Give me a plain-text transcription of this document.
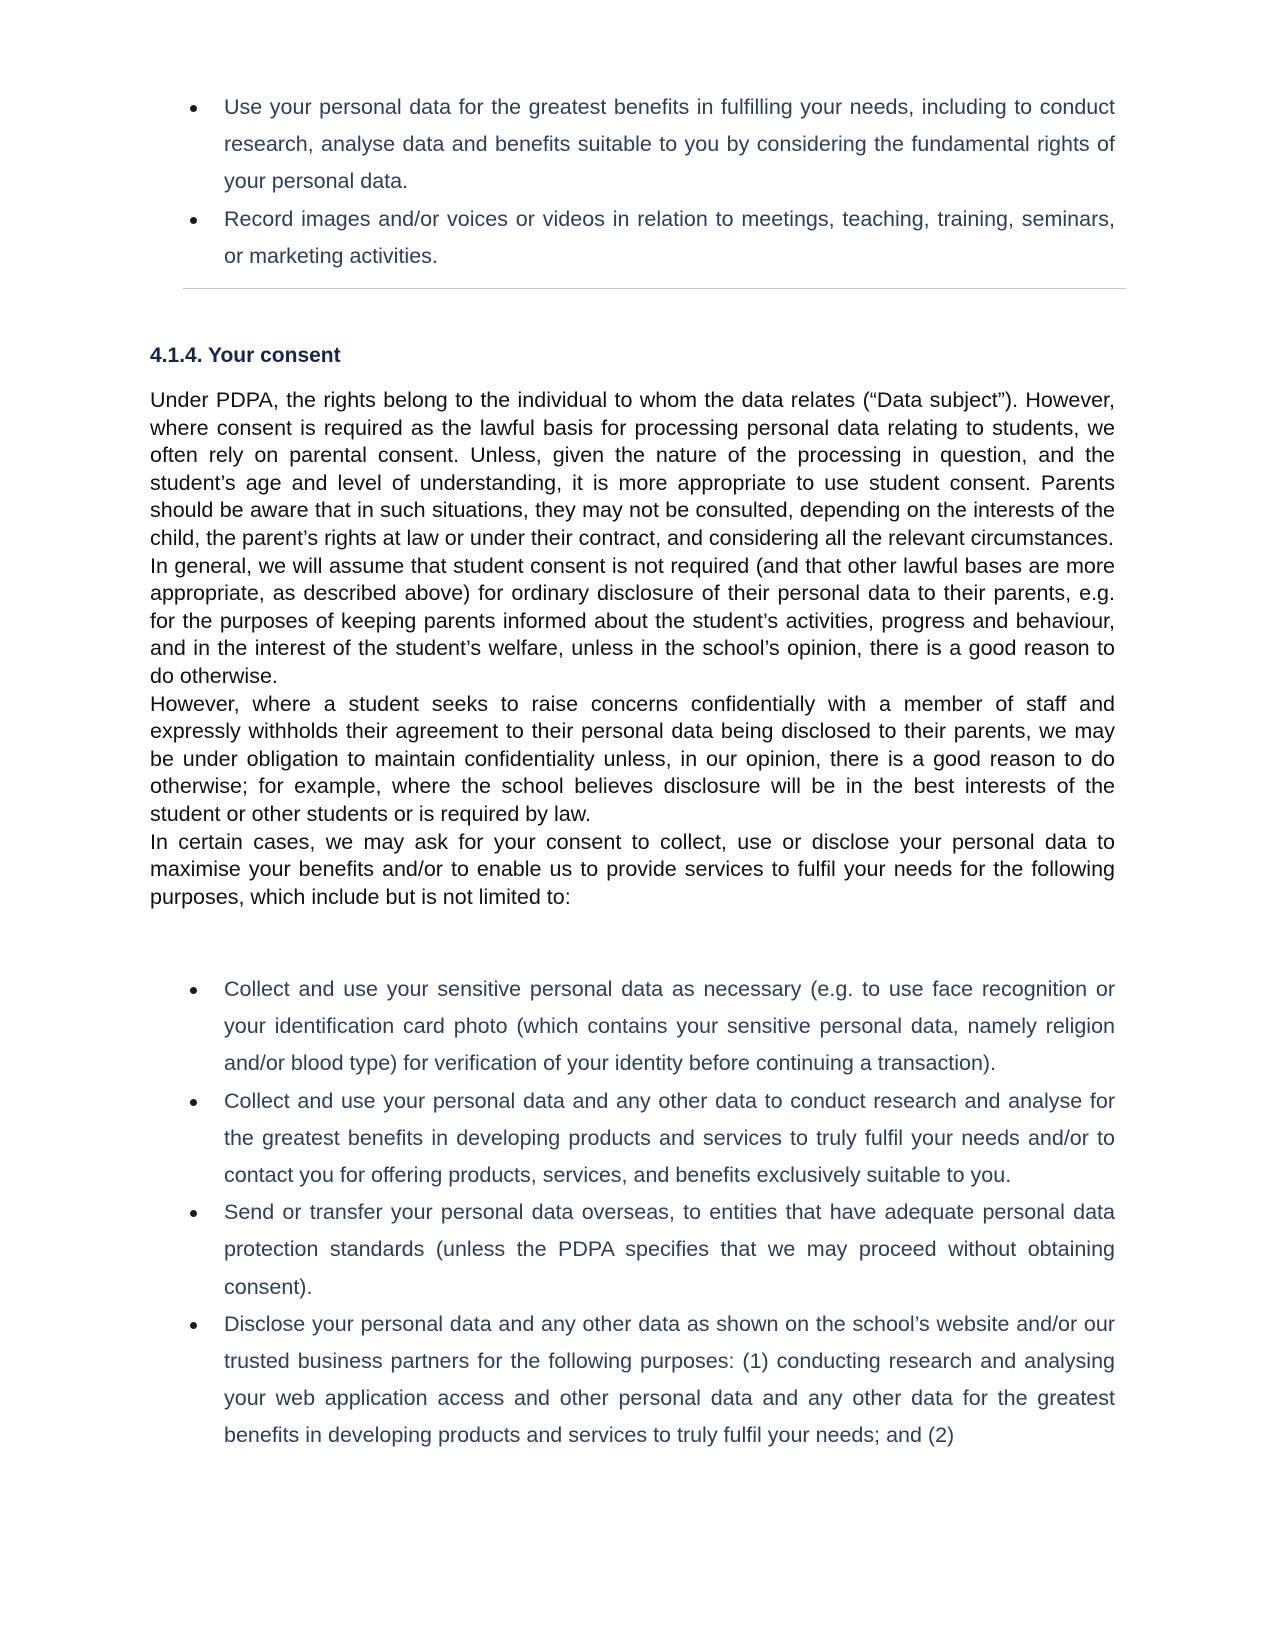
Use your personal data for the greatest benefits in fulfilling your needs, including to conduct research, analyse data and benefits suitable to you by considering the fundamental rights of your personal data.
Record images and/or voices or videos in relation to meetings, teaching, training, seminars, or marketing activities.
4.1.4. Your consent

Under PDPA, the rights belong to the individual to whom the data relates (“Data subject”). However, where consent is required as the lawful basis for processing personal data relating to students, we often rely on parental consent. Unless, given the nature of the processing in question, and the student’s age and level of understanding, it is more appropriate to use student consent. Parents should be aware that in such situations, they may not be consulted, depending on the interests of the child, the parent’s rights at law or under their contract, and considering all the relevant circumstances.

In general, we will assume that student consent is not required (and that other lawful bases are more appropriate, as described above) for ordinary disclosure of their personal data to their parents, e.g. for the purposes of keeping parents informed about the student’s activities, progress and behaviour, and in the interest of the student’s welfare, unless in the school’s opinion, there is a good reason to do otherwise.

However, where a student seeks to raise concerns confidentially with a member of staff and expressly withholds their agreement to their personal data being disclosed to their parents, we may be under obligation to maintain confidentiality unless, in our opinion, there is a good reason to do otherwise; for example, where the school believes disclosure will be in the best interests of the student or other students or is required by law.

In certain cases, we may ask for your consent to collect, use or disclose your personal data to maximise your benefits and/or to enable us to provide services to fulfil your needs for the following purposes, which include but is not limited to:

Collect and use your sensitive personal data as necessary (e.g. to use face recognition or your identification card photo (which contains your sensitive personal data, namely religion and/or blood type) for verification of your identity before continuing a transaction).
Collect and use your personal data and any other data to conduct research and analyse for the greatest benefits in developing products and services to truly fulfil your needs and/or to contact you for offering products, services, and benefits exclusively suitable to you.
Send or transfer your personal data overseas, to entities that have adequate personal data protection standards (unless the PDPA specifies that we may proceed without obtaining consent).
Disclose your personal data and any other data as shown on the school’s website and/or our trusted business partners for the following purposes: (1) conducting research and analysing your web application access and other personal data and any other data for the greatest benefits in developing products and services to truly fulfil your needs; and (2)
